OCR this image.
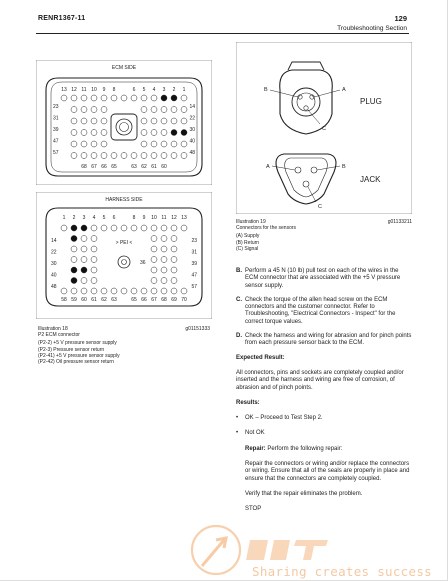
RENR1367-11	129
Troubleshooting Section
ECM SIDE
13 12 11 10 9 8	6 5 4 3 2 1
23
31
39
47
57
14
22
30
40
48
68 67 66 65	63 62 61 60
HARNESS SIDE
1 2 3 4 5 6	8 9 10 11 12 13
14
22
30
40
48
23
31
39
47
57
58 59 60 61 62 63	65 66 67 68 69 70
> PEI <
36
Illustration 18	g01151333
P2 ECM connector
(P2-2) +5 V pressure sensor supply
(P2-3) Pressure sensor return
(P2-41) +5 V pressure sensor supply
(P2-42) Oil pressure sensor return
B	A
C
PLUG
A	B
C
JACK
Illustration 19	g01133211
Connectors for the sensors
(A) Supply
(B) Return
(C) Signal
B. Perform a 45 N (10 lb) pull test on each of the wires in the ECM connector that are associated with the +5 V pressure sensor supply.
C. Check the torque of the allen head screw on the ECM connectors and the customer connector. Refer to Troubleshooting, "Electrical Connectors - Inspect" for the correct torque values.
D. Check the harness and wiring for abrasion and for pinch points from each pressure sensor back to the ECM.
Expected Result:
All connectors, pins and sockets are completely coupled and/or inserted and the harness and wiring are free of corrosion, of abrasion and of pinch points.
Results:
•	OK – Proceed to Test Step 2.
•	Not OK
Repair: Perform the following repair:
Repair the connectors or wiring and/or replace the connectors or wiring. Ensure that all of the seals are properly in place and ensure that the connectors are completely coupled.
Verify that the repair eliminates the problem.
STOP
Sharing creates success
